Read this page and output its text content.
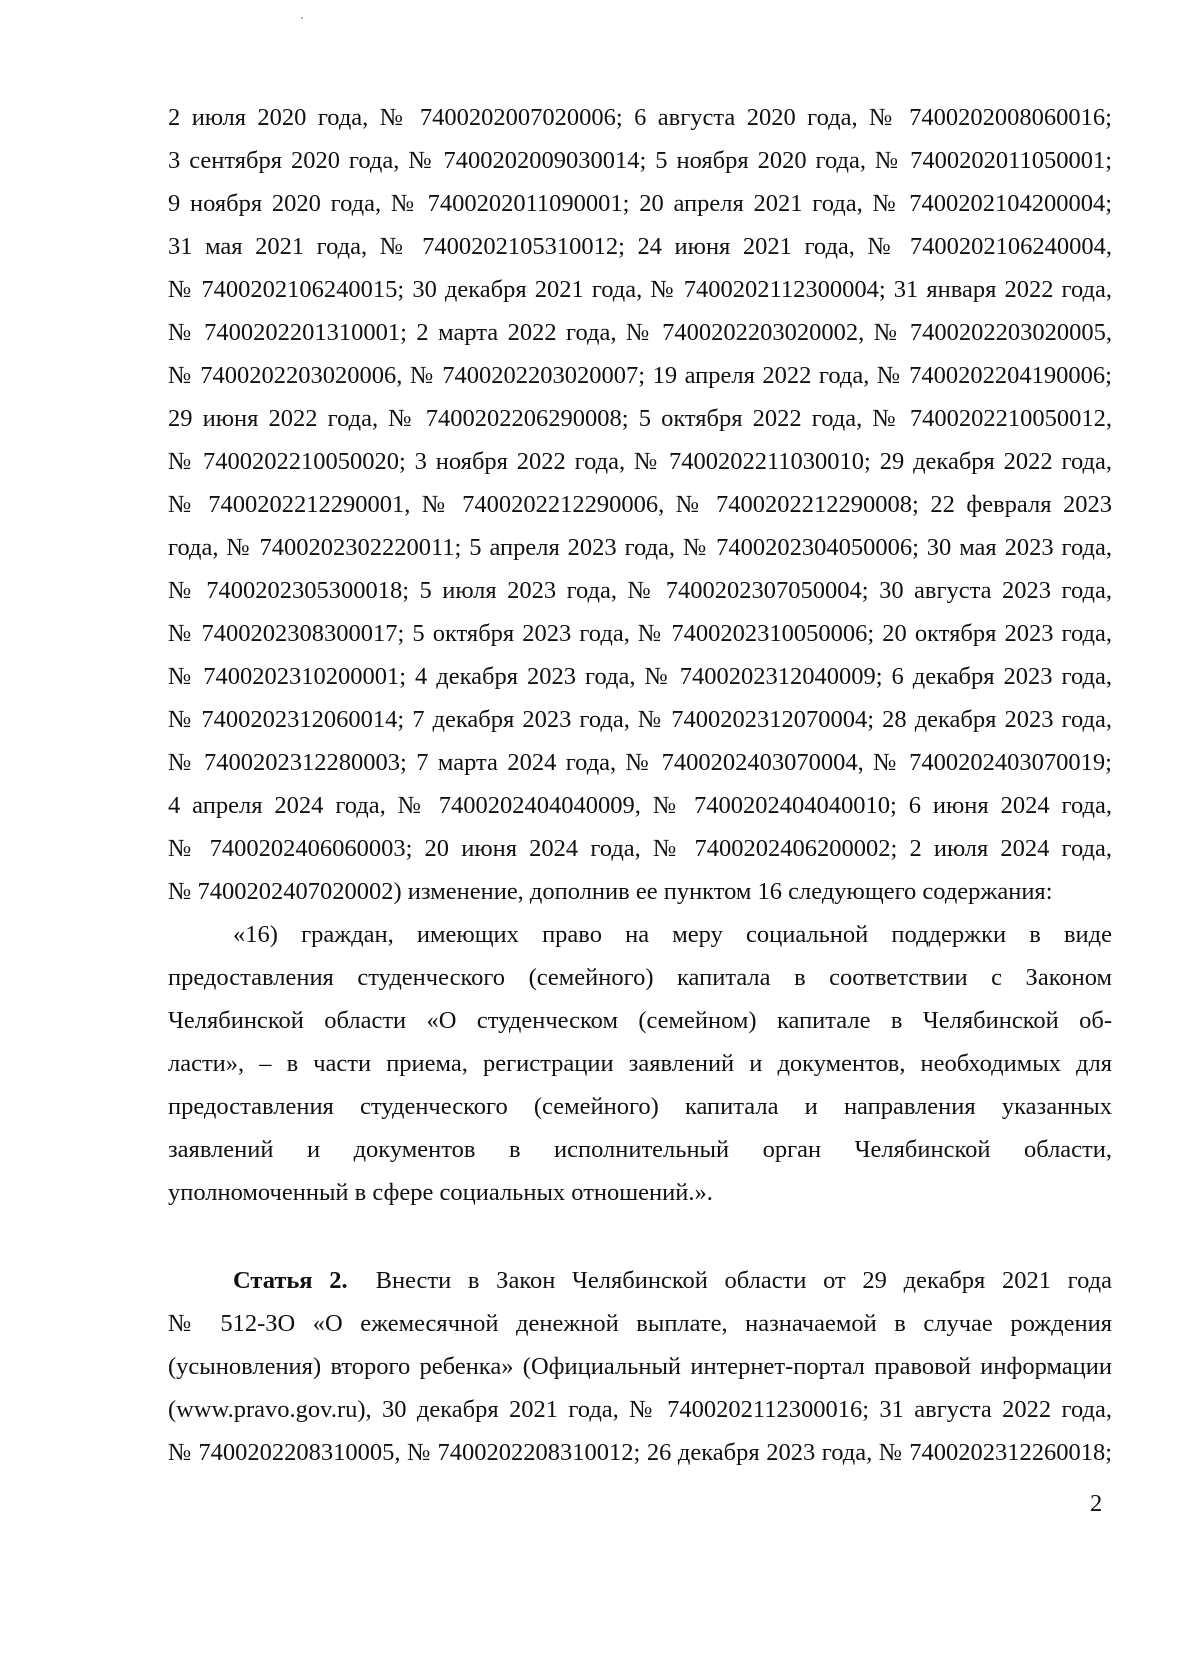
2 июля 2020 года, № 7400202007020006; 6 августа 2020 года, № 7400202008060016;
3 сентября 2020 года, № 7400202009030014; 5 ноября 2020 года, № 7400202011050001;
9 ноября 2020 года, № 7400202011090001; 20 апреля 2021 года, № 7400202104200004;
31 мая 2021 года, № 7400202105310012; 24 июня 2021 года, № 7400202106240004,
№ 7400202106240015; 30 декабря 2021 года, № 7400202112300004; 31 января 2022 года,
№ 7400202201310001; 2 марта 2022 года, № 7400202203020002, № 7400202203020005,
№ 7400202203020006, № 7400202203020007; 19 апреля 2022 года, № 7400202204190006;
29 июня 2022 года, № 7400202206290008; 5 октября 2022 года, № 7400202210050012,
№ 7400202210050020; 3 ноября 2022 года, № 7400202211030010; 29 декабря 2022 года,
№ 7400202212290001, № 7400202212290006, № 7400202212290008; 22 февраля 2023
года, № 7400202302220011; 5 апреля 2023 года, № 7400202304050006; 30 мая 2023 года,
№ 7400202305300018; 5 июля 2023 года, № 7400202307050004; 30 августа 2023 года,
№ 7400202308300017; 5 октября 2023 года, № 7400202310050006; 20 октября 2023 года,
№ 7400202310200001; 4 декабря 2023 года, № 7400202312040009; 6 декабря 2023 года,
№ 7400202312060014; 7 декабря 2023 года, № 7400202312070004; 28 декабря 2023 года,
№ 7400202312280003; 7 марта 2024 года, № 7400202403070004, № 7400202403070019;
4 апреля 2024 года, № 7400202404040009, № 7400202404040010; 6 июня 2024 года,
№ 7400202406060003; 20 июня 2024 года, № 7400202406200002; 2 июля 2024 года,
№ 7400202407020002) изменение, дополнив ее пунктом 16 следующего содержания:
«16) граждан, имеющих право на меру социальной поддержки в виде
предоставления студенческого (семейного) капитала в соответствии с Законом
Челябинской области «О студенческом (семейном) капитале в Челябинской об-
ласти», – в части приема, регистрации заявлений и документов, необходимых для
предоставления студенческого (семейного) капитала и направления указанных
заявлений и документов в исполнительный орган Челябинской области,
уполномоченный в сфере социальных отношений.».
Статья 2. Внести в Закон Челябинской области от 29 декабря 2021 года
№ 512-ЗО «О ежемесячной денежной выплате, назначаемой в случае рождения
(усыновления) второго ребенка» (Официальный интернет-портал правовой информации
(www.pravo.gov.ru), 30 декабря 2021 года, № 7400202112300016; 31 августа 2022 года,
№ 7400202208310005, № 7400202208310012; 26 декабря 2023 года, № 7400202312260018;
2
